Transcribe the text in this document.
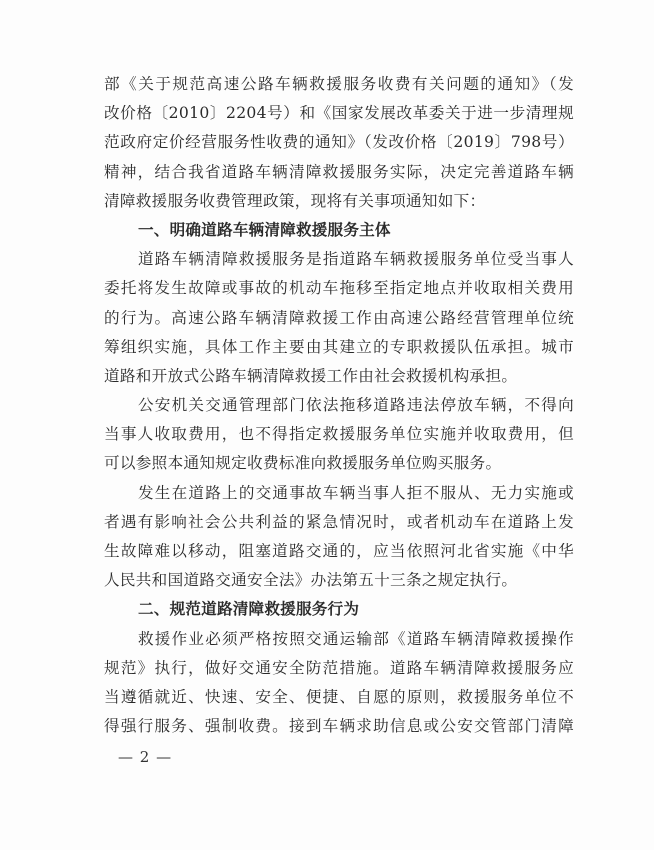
部《关于规范高速公路车辆救援服务收费有关问题的通知》（发
改价格〔2010〕2204号）和《国家发展改革委关于进一步清理规
范政府定价经营服务性收费的通知》（发改价格〔2019〕798号）
精神，结合我省道路车辆清障救援服务实际，决定完善道路车辆
清障救援服务收费管理政策，现将有关事项通知如下：
一、明确道路车辆清障救援服务主体
道路车辆清障救援服务是指道路车辆救援服务单位受当事人
委托将发生故障或事故的机动车拖移至指定地点并收取相关费用
的行为。高速公路车辆清障救援工作由高速公路经营管理单位统
筹组织实施，具体工作主要由其建立的专职救援队伍承担。城市
道路和开放式公路车辆清障救援工作由社会救援机构承担。
公安机关交通管理部门依法拖移道路违法停放车辆，不得向
当事人收取费用，也不得指定救援服务单位实施并收取费用，但
可以参照本通知规定收费标准向救援服务单位购买服务。
发生在道路上的交通事故车辆当事人拒不服从、无力实施或
者遇有影响社会公共利益的紧急情况时，或者机动车在道路上发
生故障难以移动，阻塞道路交通的，应当依照河北省实施《中华
人民共和国道路交通安全法》办法第五十三条之规定执行。
二、规范道路清障救援服务行为
救援作业必须严格按照交通运输部《道路车辆清障救援操作
规范》执行，做好交通安全防范措施。道路车辆清障救援服务应
当遵循就近、快速、安全、便捷、自愿的原则，救援服务单位不
得强行服务、强制收费。接到车辆求助信息或公安交管部门清障
— 2 —
